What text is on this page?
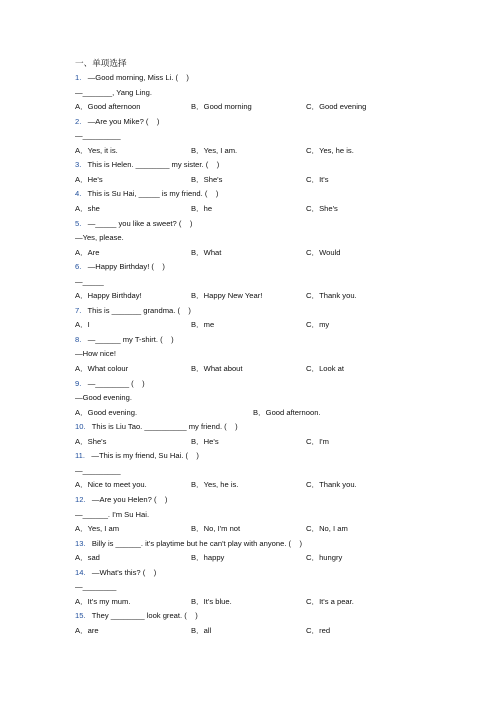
一、单项选择
1. —Good morning, Miss Li. (    )
—_______, Yang Ling.
A．Good afternoon	B．Good morning	C．Good evening
2. —Are you Mike? (    )
—_________
A．Yes, it is.	B．Yes, I am.	C．Yes, he is.
3. This is Helen. ________ my sister. (    )
A．He's	B．She's	C．It's
4. This is Su Hai, _____ is my friend. (    )
A．she	B．he	C．She's
5. —_____ you like a sweet? (    )
—Yes, please.
A．Are	B．What	C．Would
6. —Happy Birthday! (    )
—_____
A．Happy Birthday!	B．Happy New Year!	C．Thank you.
7. This is _______ grandma. (    )
A．I	B．me	C．my
8. —______ my T-shirt. (    )
—How nice!
A．What colour	B．What about	C．Look at
9. —________ (    )
—Good evening.
A．Good evening.	B．Good afternoon.
10. This is Liu Tao. __________ my friend. (    )
A．She's	B．He's	C．I'm
11. —This is my friend, Su Hai. (    )
—_________
A．Nice to meet you.	B．Yes, he is.	C．Thank you.
12. —Are you Helen? (    )
—______. I'm Su Hai.
A．Yes, I am	B．No, I'm not	C．No, I am
13. Billy is ______. it's playtime but he can't play with anyone. (    )
A．sad	B．happy	C．hungry
14. —What's this? (    )
—________
A．It's my mum.	B．It's blue.	C．It's a pear.
15. They ________ look great. (    )
A．are	B．all	C．red
